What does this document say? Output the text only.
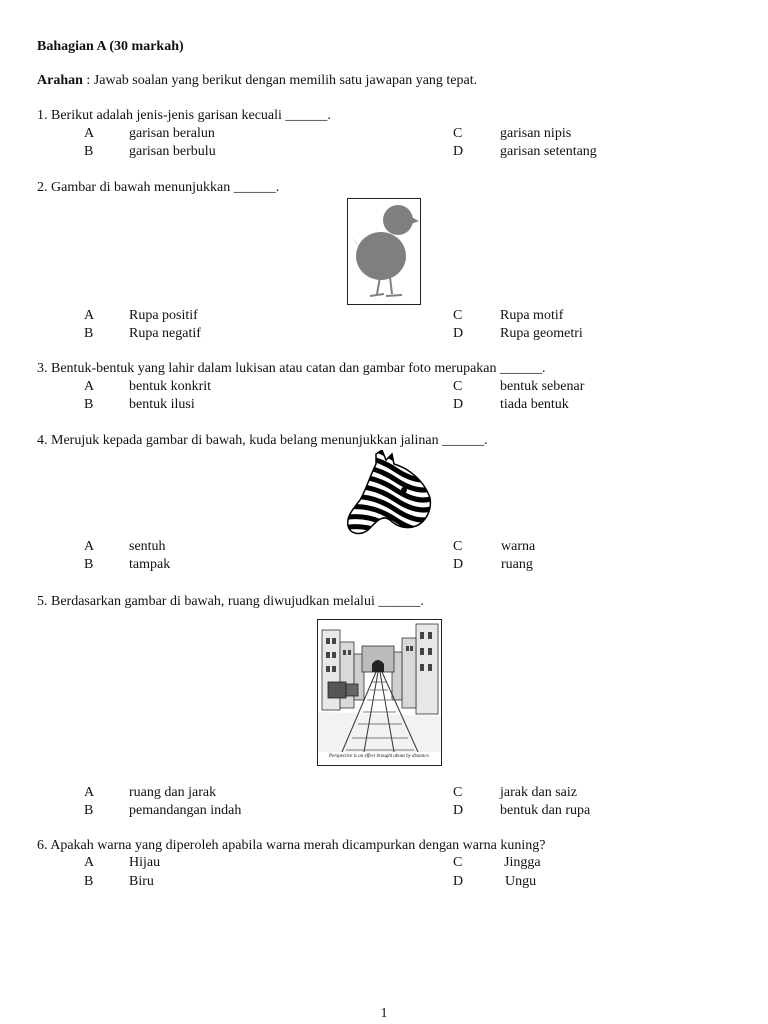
Bahagian A (30 markah)
Arahan : Jawab soalan yang berikut dengan memilih satu jawapan yang tepat.
1. Berikut adalah jenis-jenis garisan kecuali ______.
A garisan beralun
B	garisan berbulu
C	garisan nipis
D	garisan setentang
2. Gambar di bawah menunjukkan ______.
A Rupa positif
B	Rupa negatif
C	Rupa motif
D	Rupa geometri
3. Bentuk-bentuk yang lahir dalam lukisan atau catan dan gambar foto merupakan ______.
A bentuk konkrit
B	bentuk ilusi
C	bentuk sebenar
D	tiada bentuk
4. Merujuk kepada gambar di bawah, kuda belang menunjukkan jalinan ______.
A sentuh
B	tampak
C	warna
D	ruang
5. Berdasarkan gambar di bawah, ruang diwujudkan melalui ______.
Perspective is an effect brought about by distance.
A ruang dan jarak
B	pemandangan indah
C	jarak dan saiz
D	bentuk dan rupa
6. Apakah warna yang diperoleh apabila warna merah dicampurkan dengan warna kuning?
A Hijau
B	Biru
C	Jingga
D	Ungu
1
